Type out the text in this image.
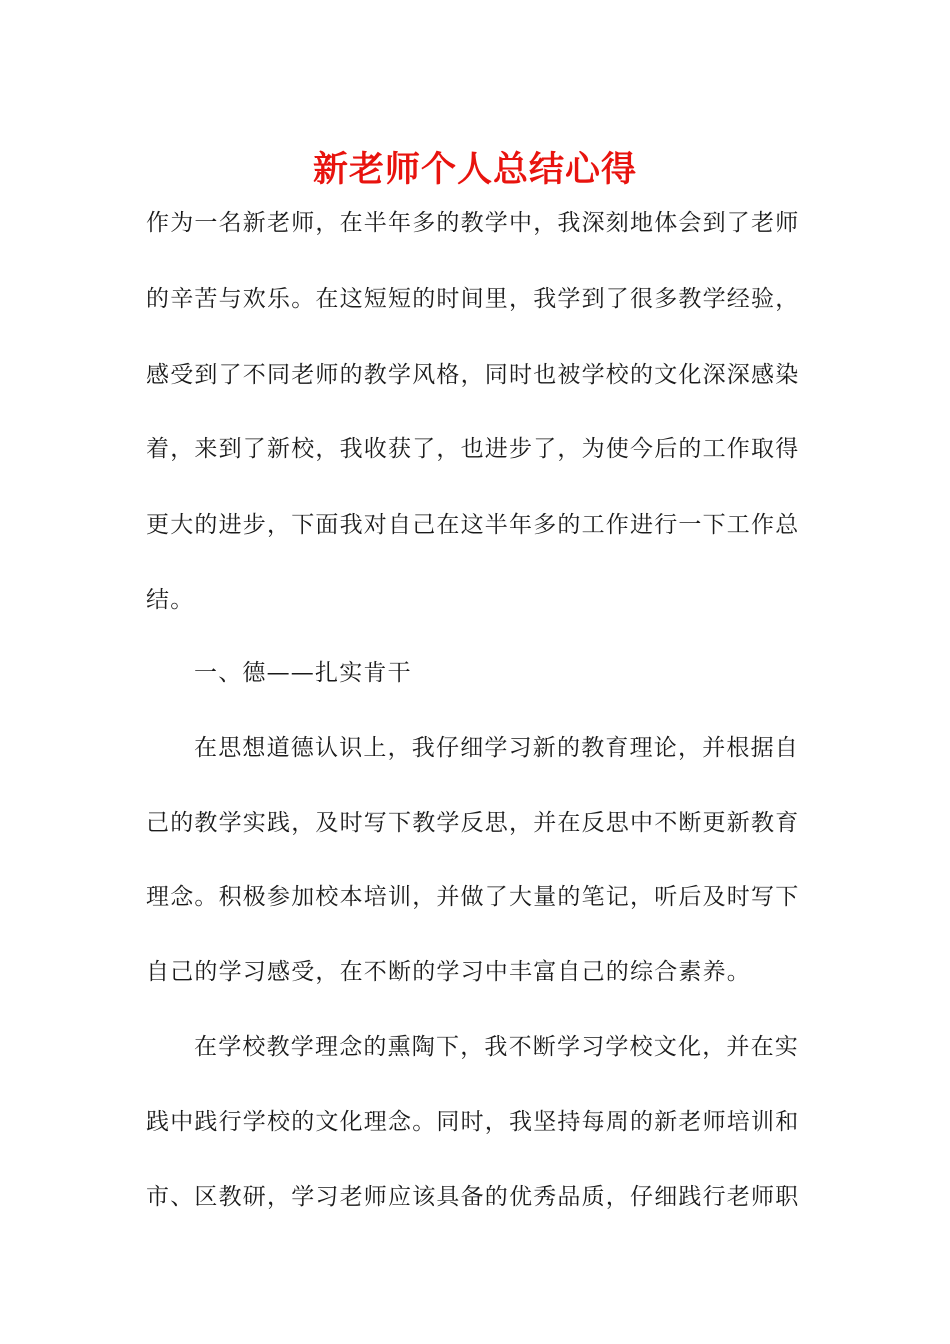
新老师个人总结心得
作为一名新老师，在半年多的教学中，我深刻地体会到了老师
的辛苦与欢乐。在这短短的时间里，我学到了很多教学经验，
感受到了不同老师的教学风格，同时也被学校的文化深深感染
着，来到了新校，我收获了，也进步了，为使今后的工作取得
更大的进步，下面我对自己在这半年多的工作进行一下工作总
结。
一、德——扎实肯干
在思想道德认识上，我仔细学习新的教育理论，并根据自
己的教学实践，及时写下教学反思，并在反思中不断更新教育
理念。积极参加校本培训，并做了大量的笔记，听后及时写下
自己的学习感受，在不断的学习中丰富自己的综合素养。
在学校教学理念的熏陶下，我不断学习学校文化，并在实
践中践行学校的文化理念。同时，我坚持每周的新老师培训和
市、区教研，学习老师应该具备的优秀品质，仔细践行老师职
